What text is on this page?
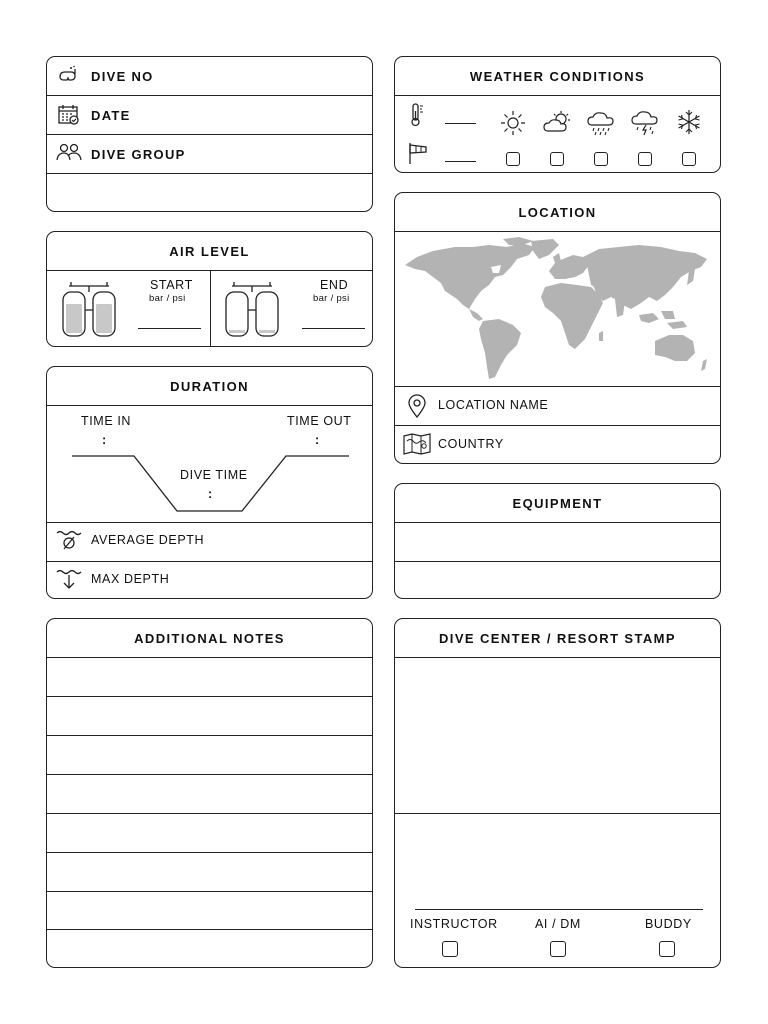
DIVE NO
DATE
DIVE GROUP
AIR LEVEL
START
bar / psi
END
bar / psi
DURATION
TIME IN
:
TIME OUT
:
DIVE TIME
:
AVERAGE DEPTH
MAX DEPTH
ADDITIONAL NOTES
WEATHER CONDITIONS
LOCATION
LOCATION NAME
COUNTRY
EQUIPMENT
DIVE CENTER / RESORT STAMP
INSTRUCTOR	AI / DM	BUDDY
